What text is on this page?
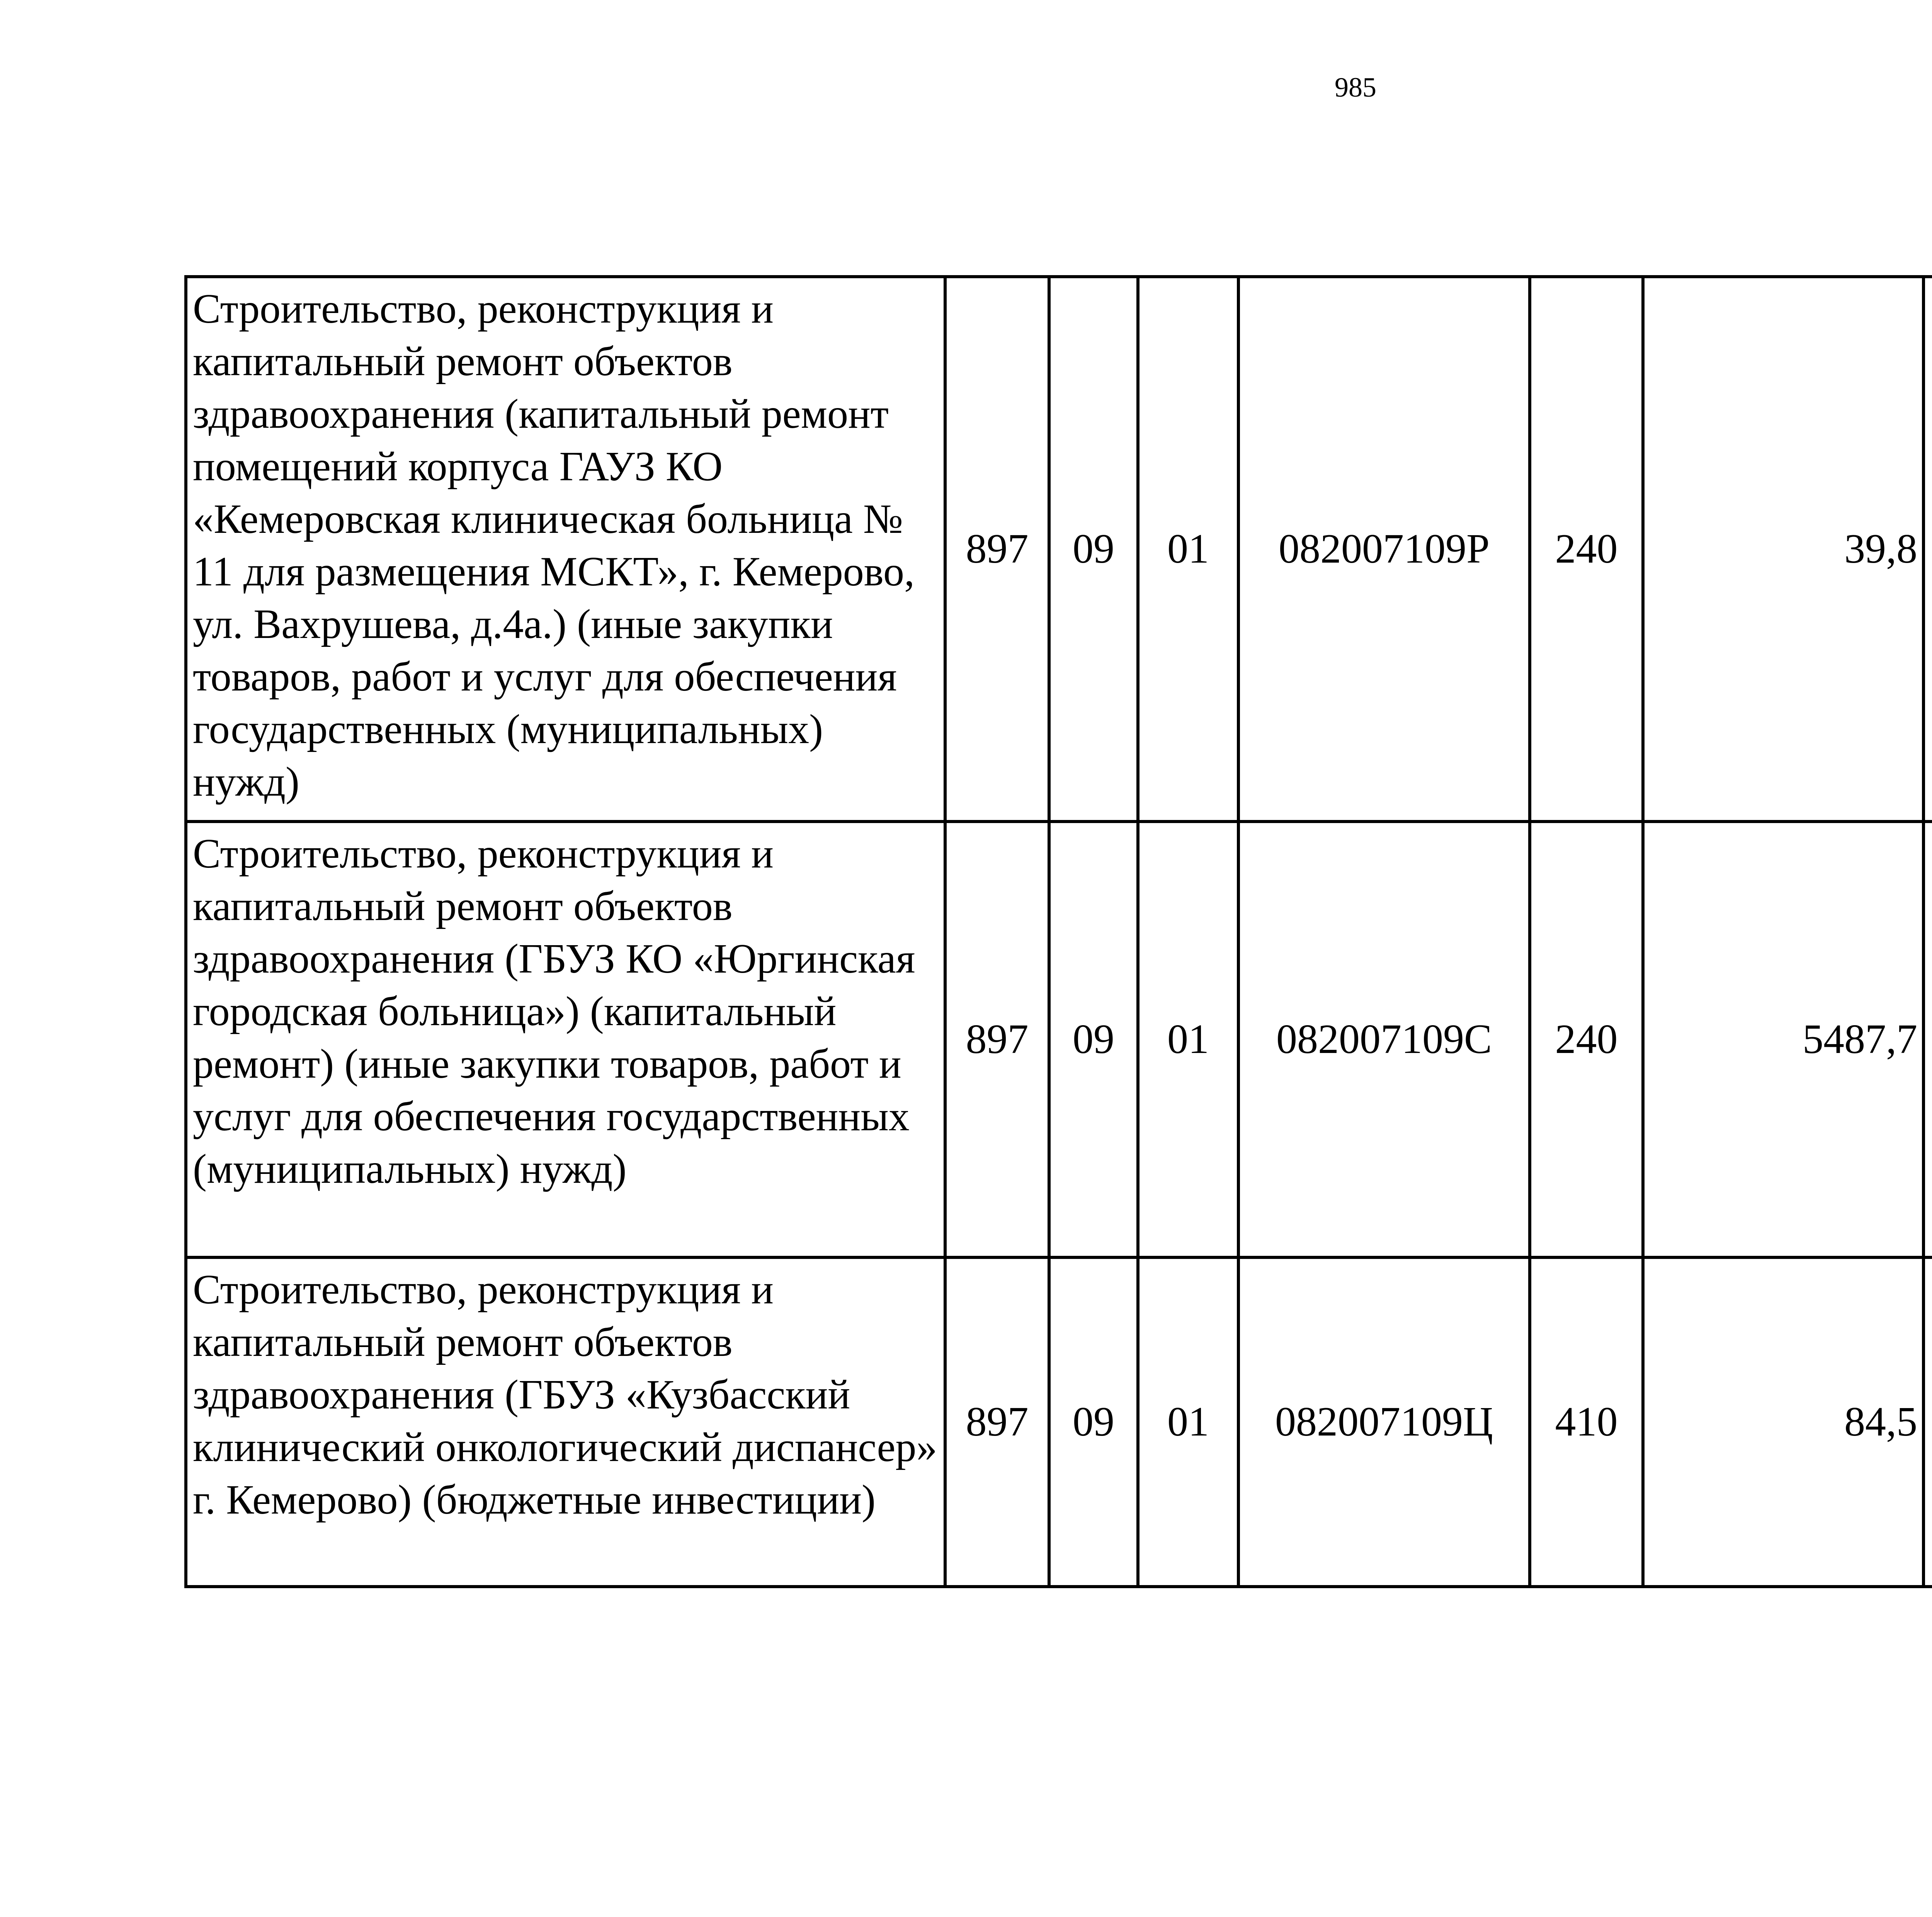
985
Строительство, реконструкция и капитальный ремонт объектов здравоохранения (капитальный ремонт помещений корпуса ГАУЗ КО «Кемеровская клиническая больница № 11 для размещения МСКТ», г. Кемерово, ул. Вахрушева, д.4а.) (иные закупки товаров, работ и услуг для обеспечения государственных (муниципальных) нужд)	897	09	01	082007109Р	240	39,8		
Строительство, реконструкция и капитальный ремонт объектов здравоохранения (ГБУЗ КО «Юргинская городская больница») (капитальный ремонт) (иные закупки товаров, работ и услуг для обеспечения государственных (муниципальных) нужд)	897	09	01	082007109С	240	5487,7		
Строительство, реконструкция и капитальный ремонт объектов здравоохранения (ГБУЗ «Кузбасский клинический онкологический диспансер» г. Кемерово) (бюджетные инвестиции)	897	09	01	082007109Ц	410	84,5		
